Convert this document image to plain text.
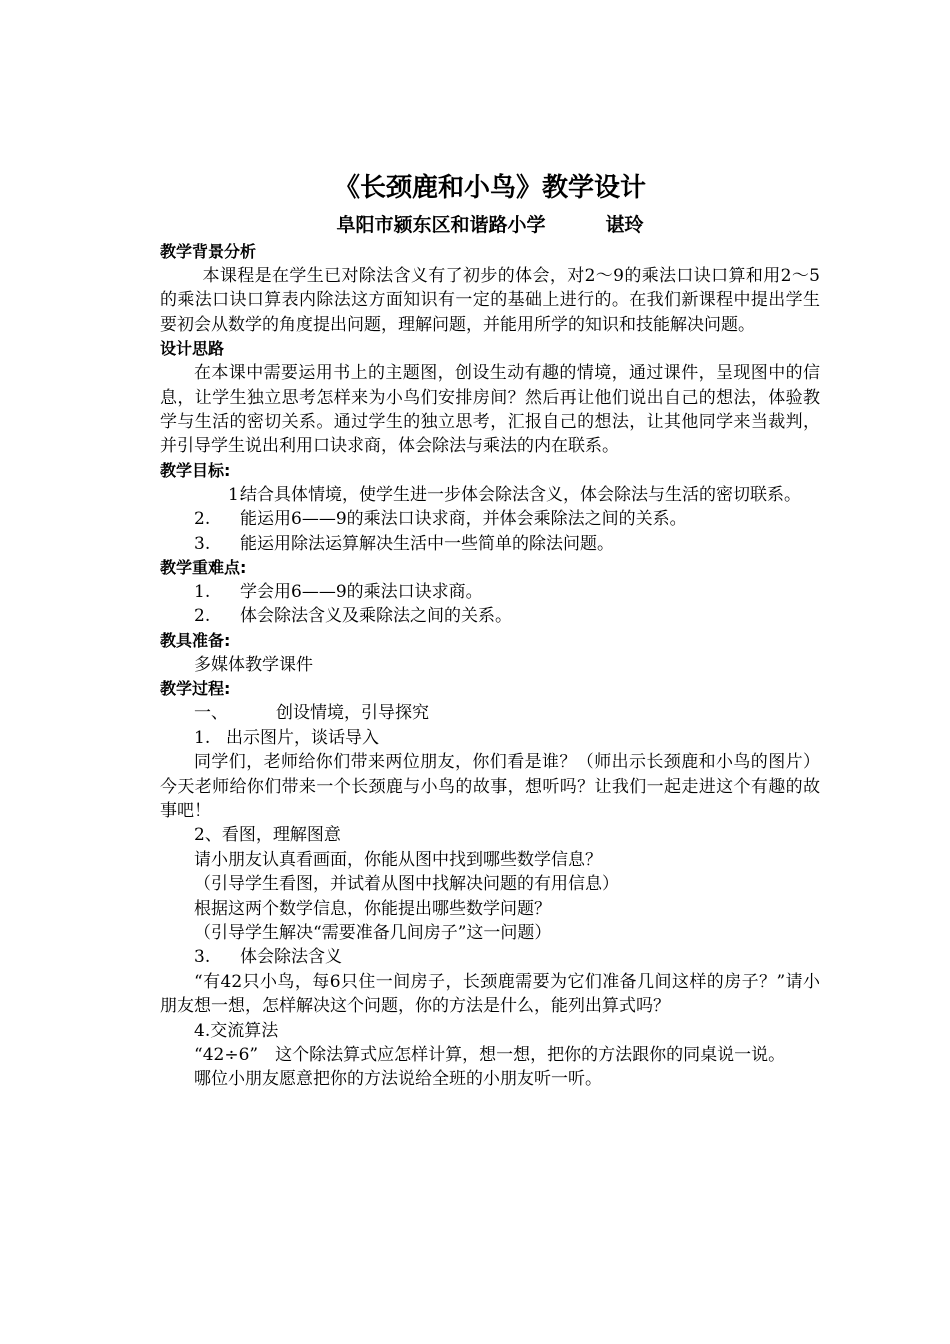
《长颈鹿和小鸟》教学设计
阜阳市颍东区和谐路小学	谌玲
教学背景分析

本课程是在学生已对除法含义有了初步的体会，对2～9的乘法口诀口算和用2～5的乘法口诀口算表内除法这方面知识有一定的基础上进行的。在我们新课程中提出学生要初会从数学的角度提出问题，理解问题，并能用所学的知识和技能解决问题。

设计思路

在本课中需要运用书上的主题图，创设生动有趣的情境，通过课件，呈现图中的信息，让学生独立思考怎样来为小鸟们安排房间？然后再让他们说出自己的想法，体验教学与生活的密切关系。通过学生的独立思考，汇报自己的想法，让其他同学来当裁判，并引导学生说出利用口诀求商，体会除法与乘法的内在联系。

教学目标:

1.结合具体情境，使学生进一步体会除法含义，体会除法与生活的密切联系。

2. 能运用6——9的乘法口诀求商，并体会乘除法之间的关系。

3. 能运用除法运算解决生活中一些简单的除法问题。

教学重难点:

1. 学会用6——9的乘法口诀求商。

2. 体会除法含义及乘除法之间的关系。

教具准备:

多媒体教学课件

教学过程:

一、	创设情境，引导探究

1. 出示图片，谈话导入

同学们，老师给你们带来两位朋友，你们看是谁？（师出示长颈鹿和小鸟的图片）今天老师给你们带来一个长颈鹿与小鸟的故事，想听吗？让我们一起走进这个有趣的故事吧！

2、看图，理解图意

请小朋友认真看画面，你能从图中找到哪些数学信息？

（引导学生看图，并试着从图中找解决问题的有用信息）

根据这两个数学信息，你能提出哪些数学问题？

（引导学生解决“需要准备几间房子”这一问题）

3. 体会除法含义

“有42只小鸟，每6只住一间房子，长颈鹿需要为它们准备几间这样的房子？”请小朋友想一想，怎样解决这个问题，你的方法是什么，能列出算式吗？

4.交流算法

“42÷6”　这个除法算式应怎样计算，想一想，把你的方法跟你的同桌说一说。

哪位小朋友愿意把你的方法说给全班的小朋友听一听。
